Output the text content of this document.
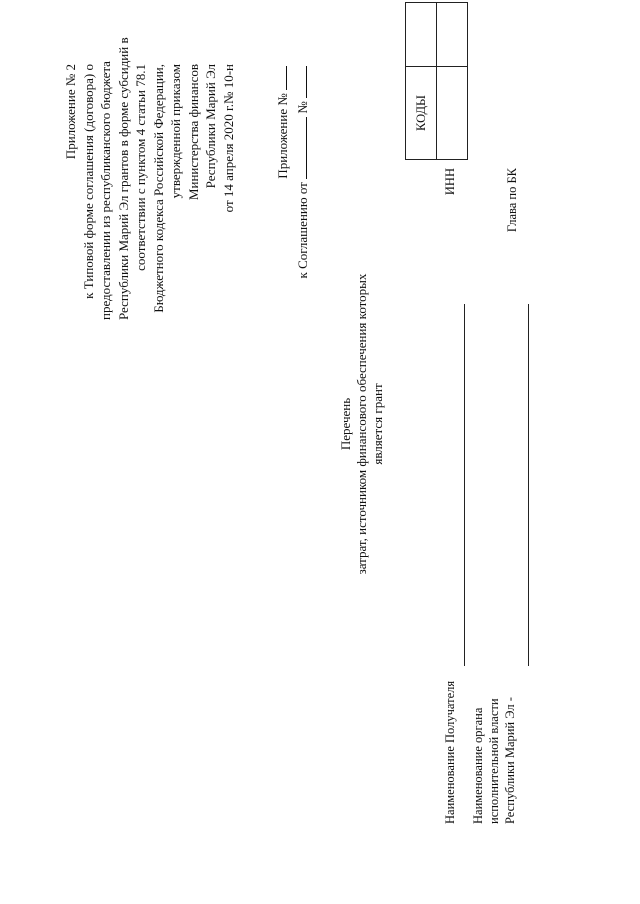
Приложение № 2 к Типовой форме соглашения (договора) о предоставлении из республиканского бюджета Республики Марий Эл грантов в форме субсидий в соответствии с пунктом 4 статьи 78.1 Бюджетного кодекса Российской Федерации, утвержденной приказом Министерства финансов Республики Марий Эл от 14 апреля 2020 г.№ 10-н	Приложение №
к Соглашению от  №
Перечень затрат, источником финансового обеспечения которых является грант
КОДЫ	

ИНН	Глава по БК
Наименование Получателя Наименование органа исполнительной власти Республики Марий Эл -
